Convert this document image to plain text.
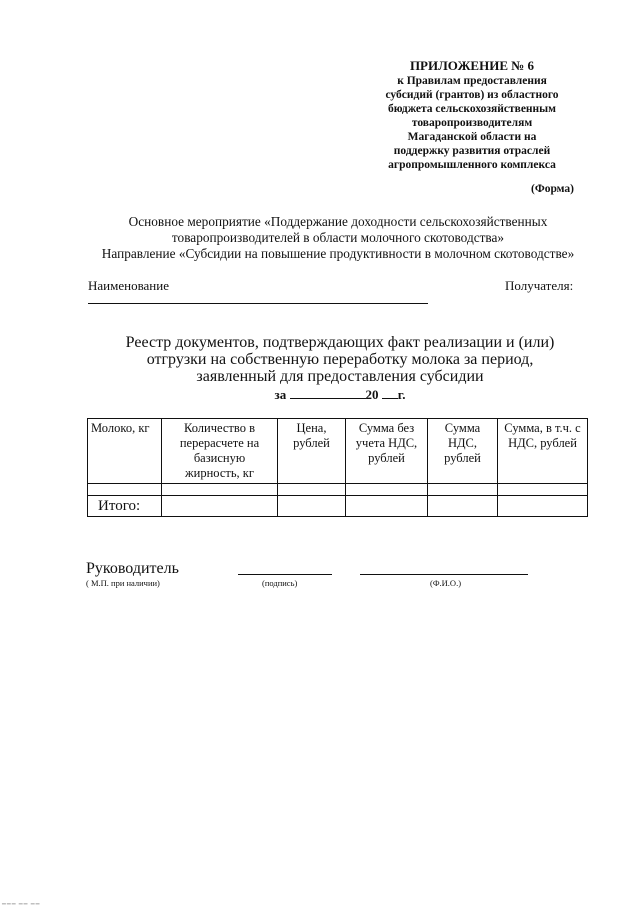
ПРИЛОЖЕНИЕ № 6
к Правилам предоставления
субсидий (грантов) из областного
бюджета сельскохозяйственным
товаропроизводителям
Магаданской области на
поддержку развития отраслей
агропромышленного комплекса
(Форма)
Основное мероприятие «Поддержание доходности сельскохозяйственных
товаропроизводителей в области молочного скотоводства»
Направление «Субсидии на повышение продуктивности в молочном скотоводстве»
Наименование	Получателя:
Реестр документов, подтверждающих факт реализации и (или)
отгрузки на собственную переработку молока за период,
заявленный для предоставления субсидии
за	20 г.
Молоко, кг	Количество в перерасчете на базисную жирность, кг	Цена, рублей	Сумма без учета НДС, рублей	Сумма НДС, рублей	Сумма, в т.ч. с НДС, рублей

Итого:					
Руководитель
( М.П. при наличии)	(подпись)	(Ф.И.О.)
▁▁▁ ▁▁ ▁▁
